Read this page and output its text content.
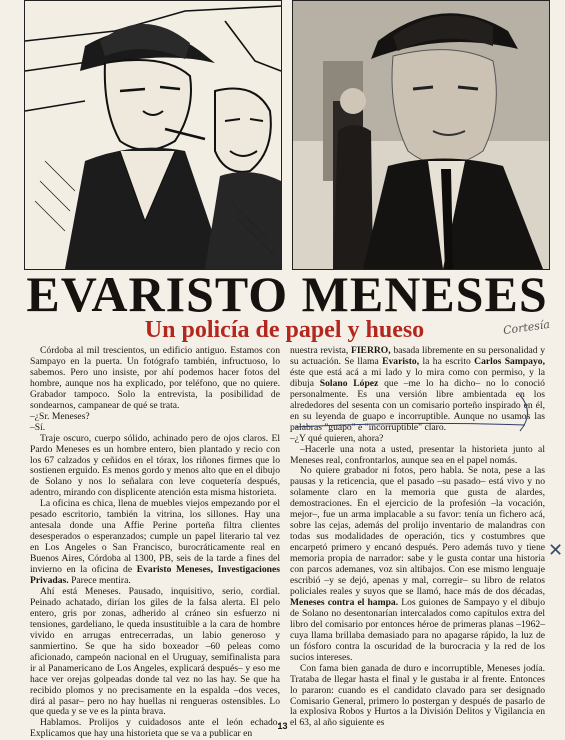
EVARISTO MENESES
Un policía de papel y hueso	Cortesía

Córdoba al mil trescientos, un edificio antiguo. Estamos con Sampayo en la puerta. Un fotógrafo también, infructuoso, lo sabemos. Pero uno insiste, por ahí podemos hacer fotos del hombre, aunque nos ha explicado, por teléfono, que no quiere. Grabador tampoco. Solo la entrevista, la posibilidad de sondearnos, campanear de qué se trata.

–¿Sr. Meneses?

–Sí.

Traje oscuro, cuerpo sólido, achinado pero de ojos claros. El Pardo Meneses es un hombre entero, bien plantado y recio con los 67 calzados y ceñidos en el tórax, los riñones firmes que lo sostienen erguido. Es menos gordo y menos alto que en el dibujo de Solano y nos lo señalara con leve coquetería después, adentro, mirando con displicente atención esta misma historieta.

La oficina es chica, llena de muebles viejos empezando por el pesado escritorio, también la vitrina, los sillones. Hay una antesala donde una Affie Perine porteña filtra clientes desesperados o esperanzados; cumple un papel literario tal vez en Los Angeles o San Francisco, burocráticamente real en Buenos Aires, Córdoba al 1300, PB, seis de la tarde a fines del invierno en la oficina de Evaristo Meneses, Investigaciones Privadas. Parece mentira.

Ahí está Meneses. Pausado, inquisitivo, serio, cordial. Peinado achatado, dirían los giles de la falsa alerta. El pelo entero, gris por zonas, adherido al cráneo sin esfuerzo ni tensiones, gardeliano, le queda insustituible a la cara de hombre vivido en arrugas entrecerradas, un labio generoso y sanmiertino. Se que ha sido boxeador –60 peleas como aficionado, campeón nacional en el Uruguay, semifinalista para ir al Panamericano de Los Angeles, explicará después– y eso me hace ver orejas golpeadas donde tal vez no las hay. Se que ha recibido plomos y no precisamente en la espalda –dos veces, dirá al pasar– pero no hay huellas ni rengueras ostensibles. Lo que queda y se ve es la pinta brava.

Hablamos. Prolijos y cuidadosos ante el león echado. Explicamos que hay una historieta que se va a publicar en

nuestra revista, FIERRO, basada libremente en su personalidad y su actuación. Se llama Evaristo, la ha escrito Carlos Sampayo, éste que está acá a mi lado y lo mira como con permiso, y la dibuja Solano López que –me lo ha dicho– no lo conoció personalmente. Es una versión libre ambientada en los alrededores del sesenta con un comisario porteño inspirado en él, en su leyenda de guapo e incorruptible. Aunque no usamos las palabras "guapo" e "incorruptible" claro.

–¿Y qué quieren, ahora?

–Hacerle una nota a usted, presentar la historieta junto al Meneses real, confrontarlos, aunque sea en el papel nomás.

No quiere grabador ni fotos, pero habla. Se nota, pese a las pausas y la reticencia, que el pasado –su pasado– está vivo y no solamente claro en la memoria que gusta de alardes, demostraciones. En el ejercicio de la profesión –la vocación, mejor–, fue un arma implacable a su favor: tenía un fichero acá, sobre las cejas, además del prolijo inventario de malandras con todas sus modalidades de operación, tics y costumbres que encarpetó primero y encanó después. Pero además tuvo y tiene memoria propia de narrador: sabe y le gusta contar una historia con parcos ademanes, voz sin altibajos. Con ese mismo lenguaje escribió –y se dejó, apenas y mal, corregir– su libro de relatos policiales reales y suyos que se llamó, hace más de dos décadas, Meneses contra el hampa. Los guiones de Sampayo y el dibujo de Solano no desentonarían intercalados como capítulos extra del libro del comisario por entonces héroe de primeras planas –1962– cuya llama brillaba demasiado para no apagarse rápido, la luz de un fósforo contra la oscuridad de la burocracia y la red de los sucios intereses.

Con fama bien ganada de duro e incorruptible, Meneses jodía. Trataba de llegar hasta el final y le gustaba ir al frente. Entonces lo pararon: cuando es el candidato clavado para ser designado Comisario General, primero lo postergan y después de pasarlo de la explosiva Robos y Hurtos a la División Delitos y Vigilancia en el 63, al año siguiente es

✕
13
